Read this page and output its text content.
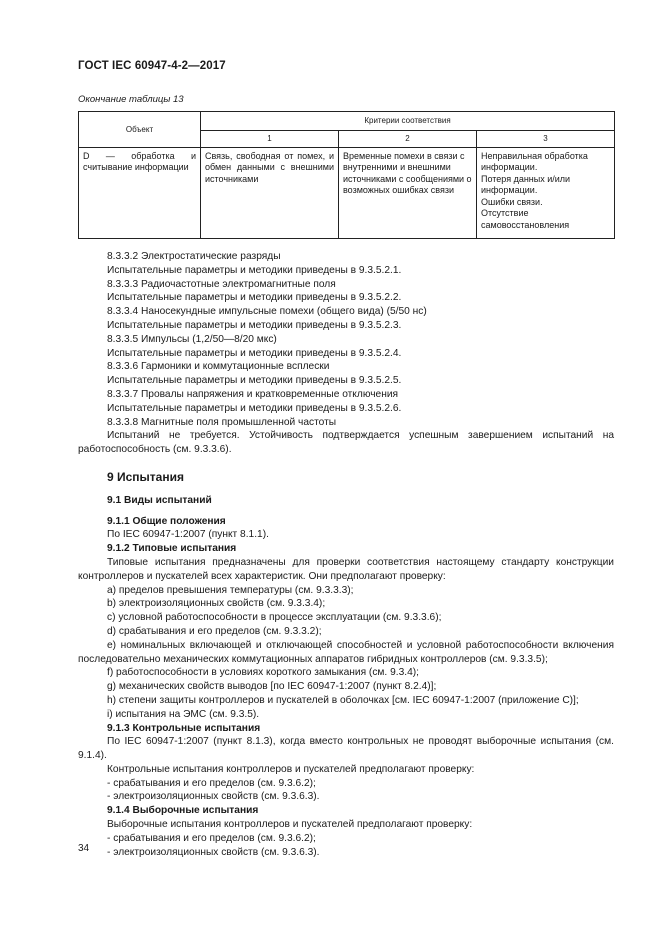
ГОСТ IEC 60947-4-2—2017
Окончание таблицы 13
Объект	Критерии соответствия		
	1	2	3
D — обработка и считывание информации	Связь, свободная от помех, и обмен данными с внешними источниками	Временные помехи в связи с внутренними и внешними источниками с сообщениями о возможных ошибках связи	Неправильная обработка информации.
Потеря данных и/или информации.
Ошибки связи.
Отсутствие самовосстановления

8.3.3.2 Электростатические разряды

Испытательные параметры и методики приведены в 9.3.5.2.1.

8.3.3.3 Радиочастотные электромагнитные поля

Испытательные параметры и методики приведены в 9.3.5.2.2.

8.3.3.4 Наносекундные импульсные помехи (общего вида) (5/50 нс)

Испытательные параметры и методики приведены в 9.3.5.2.3.

8.3.3.5 Импульсы (1,2/50—8/20 мкс)

Испытательные параметры и методики приведены в 9.3.5.2.4.

8.3.3.6 Гармоники и коммутационные всплески

Испытательные параметры и методики приведены в 9.3.5.2.5.

8.3.3.7 Провалы напряжения и кратковременные отключения

Испытательные параметры и методики приведены в 9.3.5.2.6.

8.3.3.8 Магнитные поля промышленной частоты

Испытаний не требуется. Устойчивость подтверждается успешным завершением испытаний на работоспособность (см. 9.3.3.6).

9 Испытания

9.1 Виды испытаний

9.1.1 Общие положения

По IEC 60947-1:2007 (пункт 8.1.1).

9.1.2 Типовые испытания

Типовые испытания предназначены для проверки соответствия настоящему стандарту конструкции контроллеров и пускателей всех характеристик. Они предполагают проверку:

a) пределов превышения температуры (см. 9.3.3.3);

b) электроизоляционных свойств (см. 9.3.3.4);

c) условной работоспособности в процессе эксплуатации (см. 9.3.3.6);

d) срабатывания и его пределов (см. 9.3.3.2);

e) номинальных включающей и отключающей способностей и условной работоспособности включения последовательно механических коммутационных аппаратов гибридных контроллеров (см. 9.3.3.5);

f) работоспособности в условиях короткого замыкания (см. 9.3.4);

g) механических свойств выводов [по IEC 60947-1:2007 (пункт 8.2.4)];

h) степени защиты контроллеров и пускателей в оболочках [см. IEC 60947-1:2007 (приложение С)];

i) испытания на ЭМС (см. 9.3.5).

9.1.3 Контрольные испытания

По IEC 60947-1:2007 (пункт 8.1.3), когда вместо контрольных не проводят выборочные испытания (см. 9.1.4).

Контрольные испытания контроллеров и пускателей предполагают проверку:

- срабатывания и его пределов (см. 9.3.6.2);

- электроизоляционных свойств (см. 9.3.6.3).

9.1.4 Выборочные испытания

Выборочные испытания контроллеров и пускателей предполагают проверку:

- срабатывания и его пределов (см. 9.3.6.2);

- электроизоляционных свойств (см. 9.3.6.3).

34
